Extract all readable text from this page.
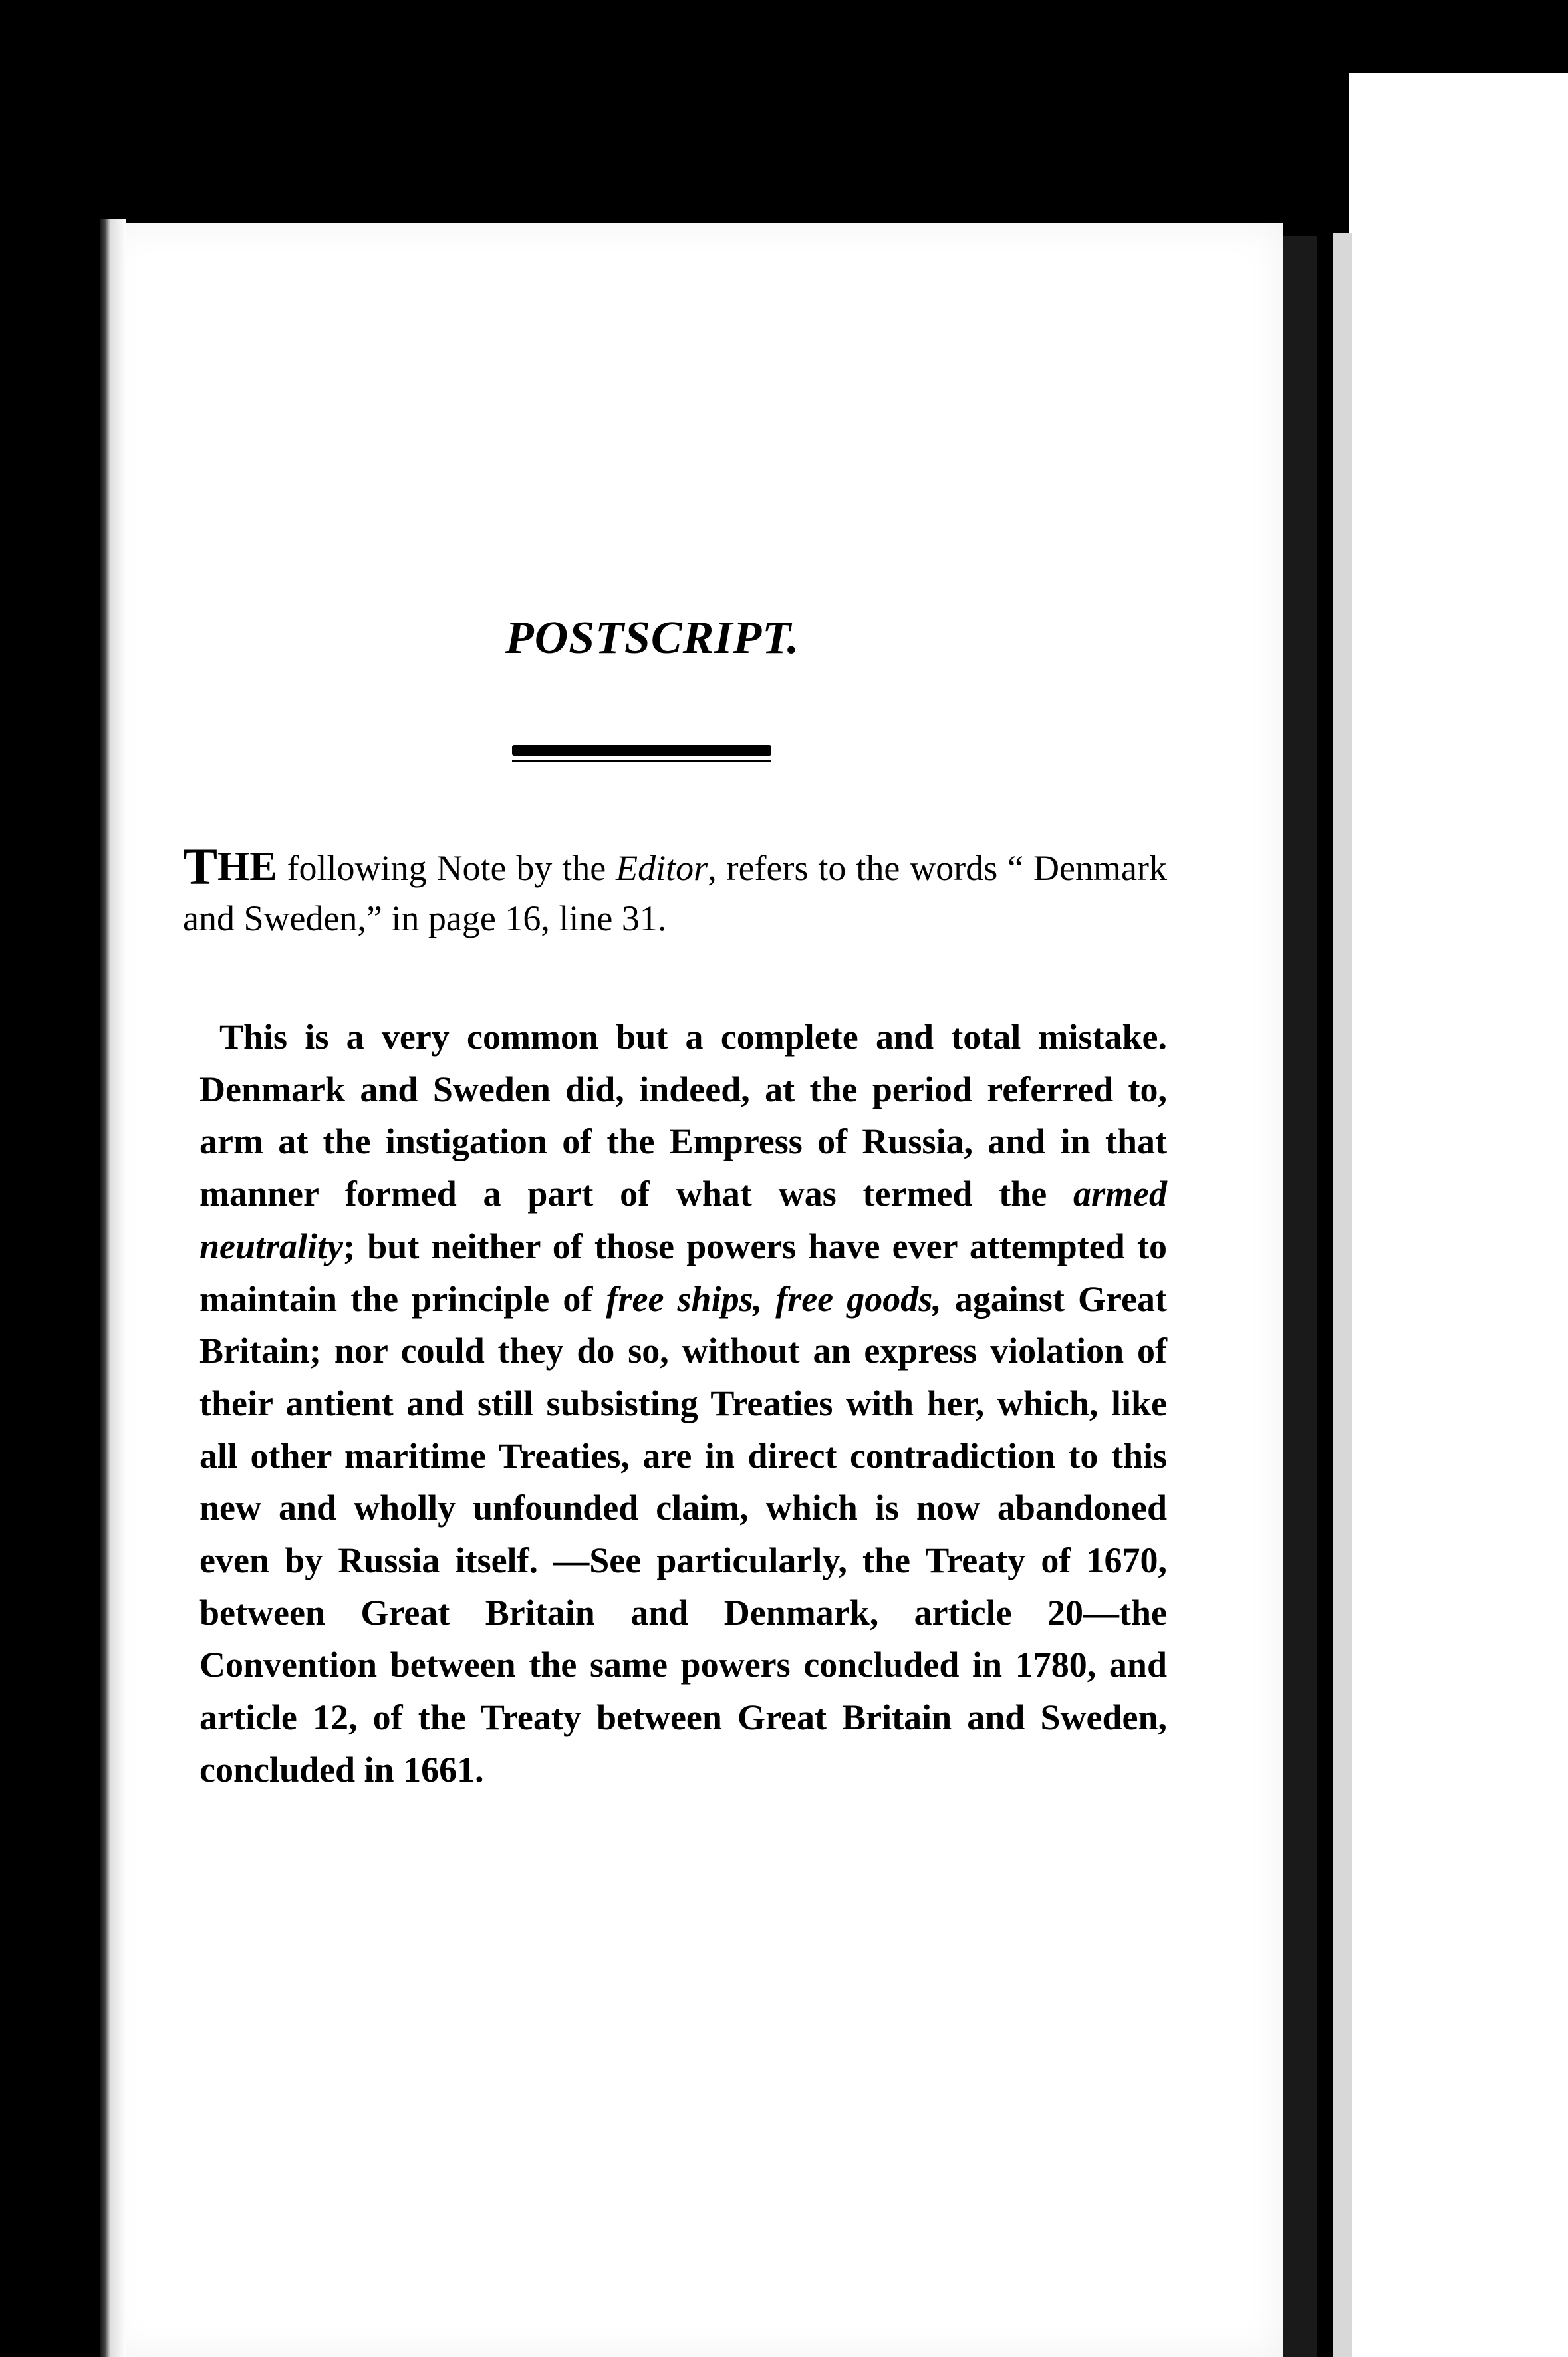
POSTSCRIPT.
THE following Note by the Editor, refers to the words “ Denmark and Sweden,” in page 16, line 31.

This is a very common but a complete and total mistake. Denmark and Sweden did, indeed, at the period referred to, arm at the instigation of the Empress of Russia, and in that manner formed a part of what was termed the armed neutrality; but neither of those powers have ever attempted to maintain the principle of free ships, free goods, against Great Britain; nor could they do so, without an express violation of their antient and still subsisting Treaties with her, which, like all other maritime Treaties, are in direct contradiction to this new and wholly unfounded claim, which is now abandoned even by Russia itself. —See particularly, the Treaty of 1670, between Great Britain and Denmark, article 20—the Convention between the same powers concluded in 1780, and article 12, of the Treaty between Great Britain and Sweden, concluded in 1661.
